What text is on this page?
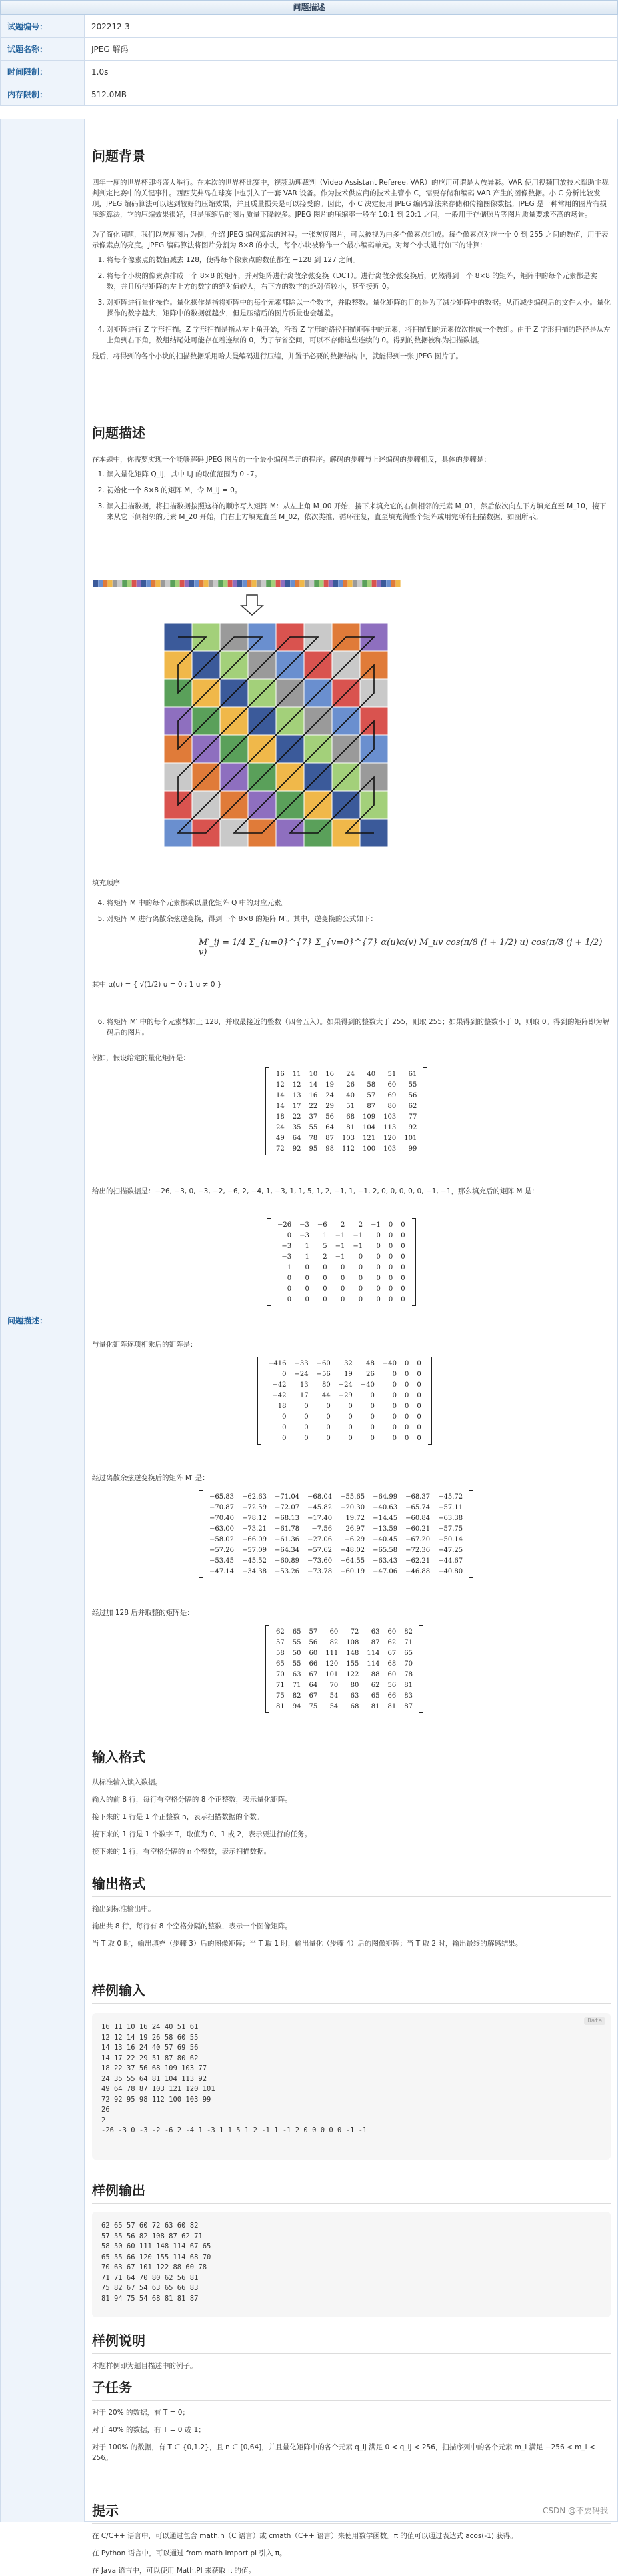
问题描述
试题编号：	202212-3
试题名称：	JPEG 解码
时间限制：	1.0s
内存限制：	512.0MB
问题描述：
问题背景

四年一度的世界杯即将盛大举行。在本次的世界杯比赛中，视频助理裁判（Video Assistant Referee, VAR）的应用可谓是大放异彩。VAR 使用视频回放技术帮助主裁判判定比赛中的关键事件。西西艾弗岛在球赛中也引入了一套 VAR 设备。作为技术供应商的技术主管小 C，需要存储和编码 VAR 产生的图像数据。小 C 分析比较发现，JPEG 编码算法可以达到较好的压缩效果，并且质量损失是可以接受的。因此，小 C 决定使用 JPEG 编码算法来存储和传输图像数据。JPEG 是一种常用的图片有损压缩算法，它的压缩效果很好，但是压缩后的图片质量下降较多。JPEG 图片的压缩率一般在 10:1 到 20:1 之间，一般用于存储照片等图片质量要求不高的场景。

为了简化问题，我们以灰度图片为例，介绍 JPEG 编码算法的过程。一张灰度图片，可以被视为由多个像素点组成。每个像素点对应一个 0 到 255 之间的数值，用于表示像素点的亮度。JPEG 编码算法将图片分割为 8×8 的小块，每个小块被称作一个最小编码单元。对每个小块进行如下的计算：

1. 将每个像素点的数值减去 128，使得每个像素点的数值都在 −128 到 127 之间。
2. 将每个小块的像素点排成一个 8×8 的矩阵，并对矩阵进行离散余弦变换（DCT）。进行离散余弦变换后，仍然得到一个 8×8 的矩阵，矩阵中的每个元素都是实数，并且所得矩阵的左上方的数字的绝对值较大，右下方的数字的绝对值较小，甚至接近 0。
3. 对矩阵进行量化操作。量化操作是指将矩阵中的每个元素都除以一个数字，并取整数。量化矩阵的目的是为了减少矩阵中的数据。从而减少编码后的文件大小。量化操作的数字越大，矩阵中的数据就越少，但是压缩后的图片质量也会越差。
4. 对矩阵进行 Z 字形扫描。Z 字形扫描是指从左上角开始，沿着 Z 字形的路径扫描矩阵中的元素，将扫描到的元素依次排成一个数组。由于 Z 字形扫描的路径是从左上角到右下角，数组结尾处可能存在着连续的 0，为了节省空间，可以不存储这些连续的 0。得到的数据被称为扫描数据。

最后，将得到的各个小块的扫描数据采用哈夫曼编码进行压缩，并置于必要的数据结构中，就能得到一张 JPEG 图片了。

问题描述

在本题中，你需要实现一个能够解码 JPEG 图片的一个最小编码单元的程序。解码的步骤与上述编码的步骤相反，具体的步骤是：

1. 读入量化矩阵 Q_ij，其中 i,j 的取值范围为 0∼7。
2. 初始化一个 8×8 的矩阵 M，令 M_ij = 0。
3. 读入扫描数据，将扫描数据按照这样的顺序写入矩阵 M：从左上角 M_00 开始，接下来填充它的右侧相邻的元素 M_01，然后依次向左下方填充直至 M_10，接下来从它下侧相邻的元素 M_20 开始，向右上方填充直至 M_02，依次类推，循环往复，直至填充满整个矩阵或用完所有扫描数据，如图所示。

填充顺序

4. 将矩阵 M 中的每个元素都乘以量化矩阵 Q 中的对应元素。
5. 对矩阵 M 进行离散余弦逆变换，得到一个 8×8 的矩阵 M′。其中，逆变换的公式如下：
M′_ij = 1/4 Σ_{u=0}^{7} Σ_{v=0}^{7} α(u)α(v) M_uv cos(π/8 (i + 1/2) u) cos(π/8 (j + 1/2) v)
其中 α(u) = { √(1/2) u = 0 ; 1 u ≠ 0 }
6. 将矩阵 M′ 中的每个元素都加上 128，并取最接近的整数（四舍五入）。如果得到的整数大于 255，则取 255；如果得到的整数小于 0，则取 0。得到的矩阵即为解码后的图片。

例如，假设给定的量化矩阵是：

16	11	10	16	24	40	51	61
12	12	14	19	26	58	60	55
14	13	16	24	40	57	69	56
14	17	22	29	51	87	80	62
18	22	37	56	68	109	103	77
24	35	55	64	81	104	113	92
49	64	78	87	103	121	120	101
72	92	95	98	112	100	103	99

给出的扫描数据是：−26, −3, 0, −3, −2, −6, 2, −4, 1, −3, 1, 1, 5, 1, 2, −1, 1, −1, 2, 0, 0, 0, 0, 0, −1, −1，那么填充后的矩阵 M 是：

−26	−3	−6	2	2	−1	0	0
0	−3	1	−1	−1	0	0	0
−3	1	5	−1	−1	0	0	0
−3	1	2	−1	0	0	0	0
1	0	0	0	0	0	0	0
0	0	0	0	0	0	0	0
0	0	0	0	0	0	0	0
0	0	0	0	0	0	0	0

与量化矩阵逐项相乘后的矩阵是：

−416	−33	−60	32	48	−40	0	0
0	−24	−56	19	26	0	0	0
−42	13	80	−24	−40	0	0	0
−42	17	44	−29	0	0	0	0
18	0	0	0	0	0	0	0
0	0	0	0	0	0	0	0
0	0	0	0	0	0	0	0
0	0	0	0	0	0	0	0

经过离散余弦逆变换后的矩阵 M′ 是：

−65.83	−62.63	−71.04	−68.04	−55.65	−64.99	−68.37	−45.72
−70.87	−72.59	−72.07	−45.82	−20.30	−40.63	−65.74	−57.11
−70.40	−78.12	−68.13	−17.40	19.72	−14.45	−60.84	−63.38
−63.00	−73.21	−61.78	−7.56	26.97	−13.59	−60.21	−57.75
−58.02	−66.09	−61.36	−27.06	−6.29	−40.45	−67.20	−50.14
−57.26	−57.09	−64.34	−57.62	−48.02	−65.58	−72.36	−47.25
−53.45	−45.52	−60.89	−73.60	−64.55	−63.43	−62.21	−44.67
−47.14	−34.38	−53.26	−73.78	−60.19	−47.06	−46.88	−40.80

经过加 128 后并取整的矩阵是：

62	65	57	60	72	63	60	82
57	55	56	82	108	87	62	71
58	50	60	111	148	114	67	65
65	55	66	120	155	114	68	70
70	63	67	101	122	88	60	78
71	71	64	70	80	62	56	81
75	82	67	54	63	65	66	83
81	94	75	54	68	81	81	87
输入格式

从标准输入读入数据。

输入的前 8 行，每行有空格分隔的 8 个正整数，表示量化矩阵。

接下来的 1 行是 1 个正整数 n，表示扫描数据的个数。

接下来的 1 行是 1 个数字 T，取值为 0、1 或 2，表示要进行的任务。

接下来的 1 行，有空格分隔的 n 个整数，表示扫描数据。

输出格式

输出到标准输出中。

输出共 8 行，每行有 8 个空格分隔的整数，表示一个图像矩阵。

当 T 取 0 时，输出填充（步骤 3）后的图像矩阵；当 T 取 1 时，输出量化（步骤 4）后的图像矩阵；当 T 取 2 时，输出最终的解码结果。

样例输入
Data
16 11 10 16 24 40 51 61
12 12 14 19 26 58 60 55
14 13 16 24 40 57 69 56
14 17 22 29 51 87 80 62
18 22 37 56 68 109 103 77
24 35 55 64 81 104 113 92
49 64 78 87 103 121 120 101
72 92 95 98 112 100 103 99
26
2
-26 -3 0 -3 -2 -6 2 -4 1 -3 1 1 5 1 2 -1 1 -1 2 0 0 0 0 0 -1 -1
样例输出
62 65 57 60 72 63 60 82
57 55 56 82 108 87 62 71
58 50 60 111 148 114 67 65
65 55 66 120 155 114 68 70
70 63 67 101 122 88 60 78
71 71 64 70 80 62 56 81
75 82 67 54 63 65 66 83
81 94 75 54 68 81 81 87
样例说明

本题样例即为题目描述中的例子。

子任务

对于 20% 的数据，有 T = 0；

对于 40% 的数据，有 T = 0 或 1；

对于 100% 的数据，有 T ∈ {0,1,2}，且 n ∈ [0,64]，并且量化矩阵中的各个元素 q_ij 满足 0 < q_ij < 256，扫描序列中的各个元素 m_i 满足 −256 < m_i < 256。

提示

在 C/C++ 语言中，可以通过包含 math.h（C 语言）或 cmath（C++ 语言）来使用数学函数。π 的值可以通过表达式 acos(-1) 获得。

在 Python 语言中，可以通过 from math import pi 引入 π。

在 Java 语言中，可以使用 Math.PI 来获取 π 的值。

CSDN @不要码我
